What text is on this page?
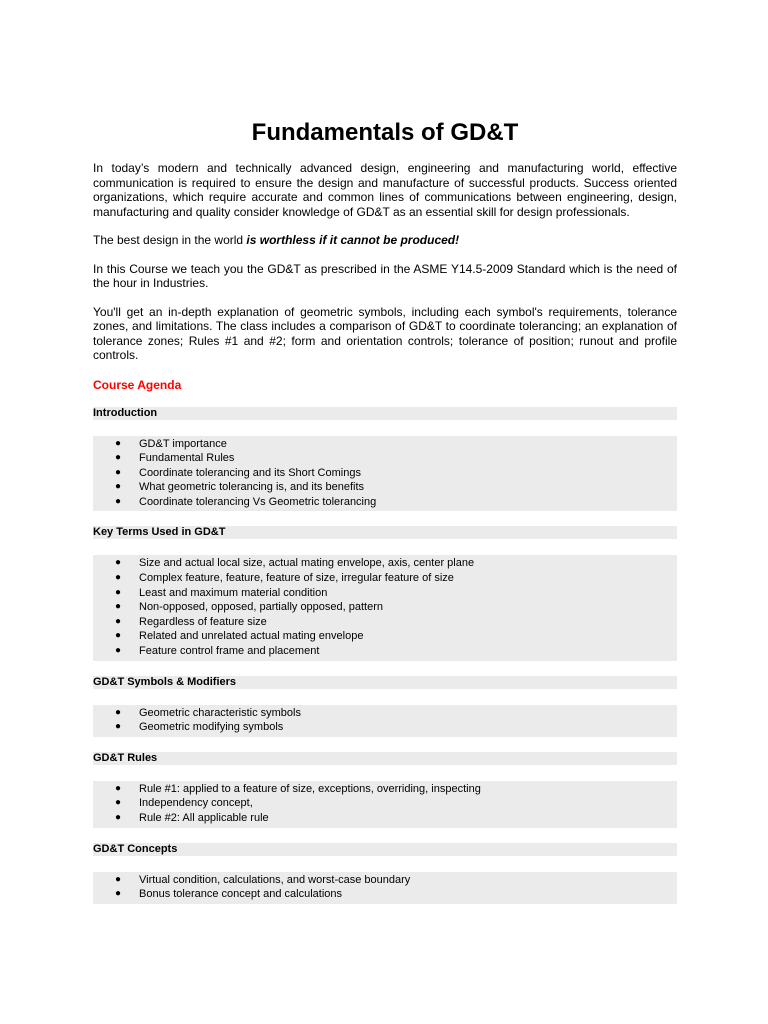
Fundamentals of GD&T

In today’s modern and technically advanced design, engineering and manufacturing world, effective communication is required to ensure the design and manufacture of successful products. Success oriented organizations, which require accurate and common lines of communications between engineering, design, manufacturing and quality consider knowledge of GD&T as an essential skill for design professionals.

The best design in the world is worthless if it cannot be produced!

In this Course we teach you the GD&T as prescribed in the ASME Y14.5-2009 Standard which is the need of the hour in Industries.

You'll get an in-depth explanation of geometric symbols, including each symbol's requirements, tolerance zones, and limitations. The class includes a comparison of GD&T to coordinate tolerancing; an explanation of tolerance zones; Rules #1 and #2; form and orientation controls; tolerance of position; runout and profile controls.

Course Agenda
Introduction
● GD&T importance
● Fundamental Rules
● Coordinate tolerancing and its Short Comings
● What geometric tolerancing is, and its benefits
● Coordinate tolerancing Vs Geometric tolerancing
Key Terms Used in GD&T
● Size and actual local size, actual mating envelope, axis, center plane
● Complex feature, feature, feature of size, irregular feature of size
● Least and maximum material condition
● Non-opposed, opposed, partially opposed, pattern
● Regardless of feature size
● Related and unrelated actual mating envelope
● Feature control frame and placement
GD&T Symbols & Modifiers
● Geometric characteristic symbols
● Geometric modifying symbols
GD&T Rules
● Rule #1: applied to a feature of size, exceptions, overriding, inspecting
● Independency concept,
● Rule #2: All applicable rule
GD&T Concepts
● Virtual condition, calculations, and worst-case boundary
● Bonus tolerance concept and calculations
